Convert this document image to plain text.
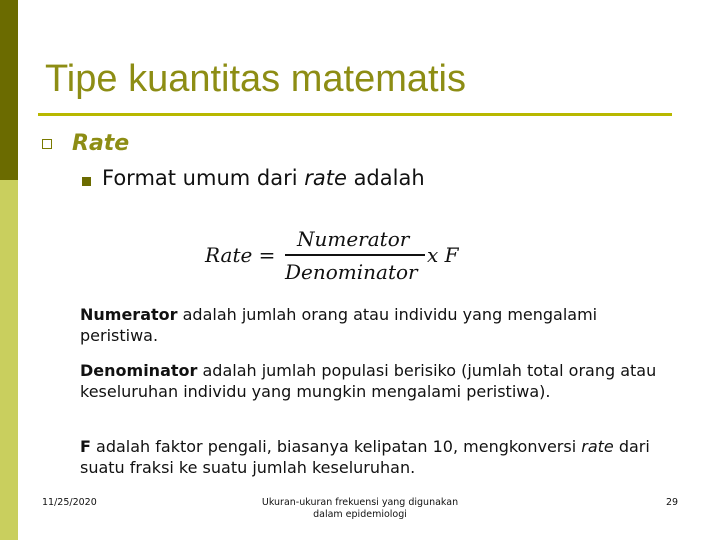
Tipe kuantitas matematis
Rate
Format umum dari rate adalah
Rate =
Numerator
Denominator
x F
Numerator adalah jumlah orang atau individu yang mengalami peristiwa.
Denominator adalah jumlah populasi berisiko (jumlah total orang atau keseluruhan individu yang mungkin mengalami peristiwa).
F adalah faktor pengali, biasanya kelipatan 10, mengkonversi rate dari suatu fraksi ke suatu jumlah keseluruhan.
11/25/2020	Ukuran-ukuran frekuensi yang digunakan
dalam epidemiologi
29
